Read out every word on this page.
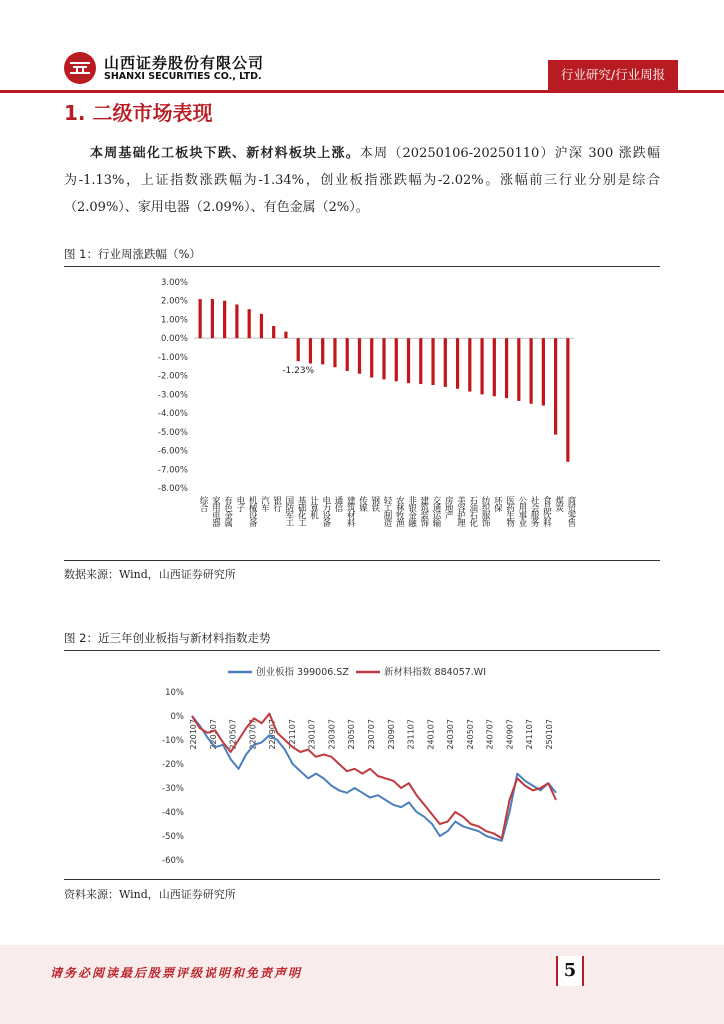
山西证券股份有限公司
SHANXI SECURITIES CO., LTD.	行业研究/行业周报
1. 二级市场表现
本周基础化工板块下跌、新材料板块上涨。本周（20250106-20250110）沪深 300 涨跌幅为-1.13%，上证指数涨跌幅为-1.34%，创业板指涨跌幅为-2.02%。涨幅前三行业分别是综合（2.09%）、家用电器（2.09%）、有色金属（2%）。
图 1：行业周涨跌幅（%）
3.00%
2.00%
1.00%
0.00%
-1.00%
-2.00%
-3.00%
-4.00%
-5.00%
-6.00%
-7.00%
-8.00%
综合 家用电器 有色金属 电子 机械设备 汽车 银行 国防军工 基础化工 计算机 电力设备 通信 建筑材料 传媒 钢铁 轻工制造 农林牧渔 非银金融 建筑装饰 交通运输 房地产 美容护理 石油石化 纺织服饰 环保 医药生物 公用事业 社会服务 食品饮料 煤炭 商贸零售
-1.23%
数据来源：Wind，山西证券研究所
图 2：近三年创业板指与新材料指数走势
创业板指 399006.SZ	新材料指数 884057.WI
10%
0%
-10%
-20%
-30%
-40%
-50%
-60%
220107 220307 220507 220707 220907 221107 230107 230307 230507 230707 230907 231107 240107 240307 240507 240707 240907 241107 250107
资料来源：Wind，山西证券研究所
请务必阅读最后股票评级说明和免责声明	5
